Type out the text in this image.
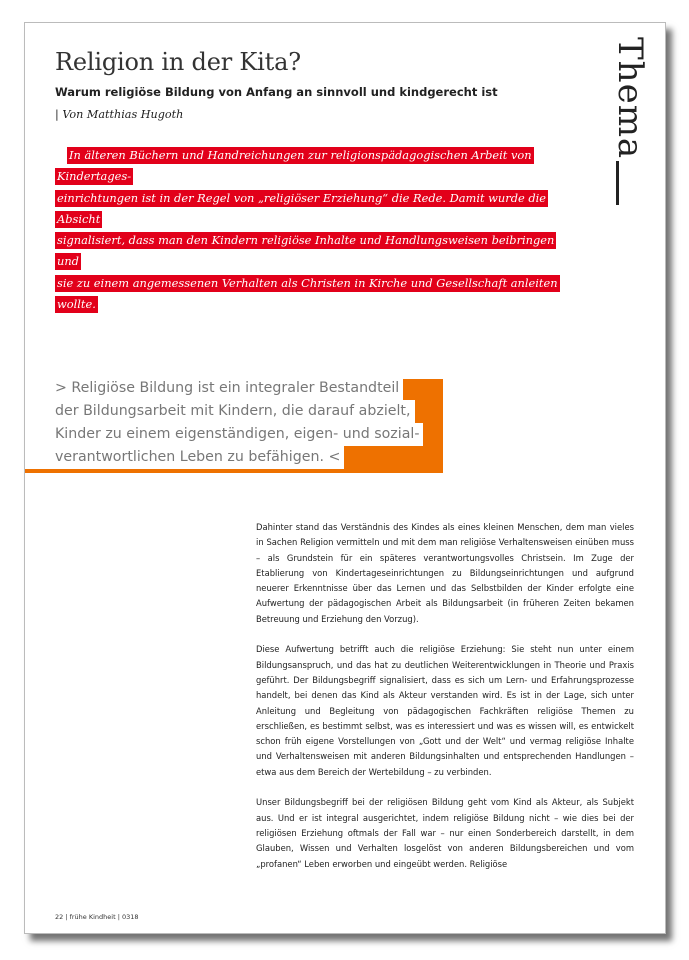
Religion in der Kita?
Warum religiöse Bildung von Anfang an sinnvoll und kindgerecht ist
| Von Matthias Hugoth	Thema
In älteren Büchern und Handreichungen zur religionspädagogischen Arbeit von Kindertages-
einrichtungen ist in der Regel von „religiöser Erziehung“ die Rede. Damit wurde die Absicht
signalisiert, dass man den Kindern religiöse Inhalte und Handlungsweisen beibringen und
sie zu einem angemessenen Verhalten als Christen in Kirche und Gesellschaft anleiten wollte.
> Religiöse Bildung ist ein integraler Bestandteil
der Bildungsarbeit mit Kindern, die darauf abzielt,
Kinder zu einem eigenständigen, eigen- und sozial-
verantwortlichen Leben zu befähigen. <

Dahinter stand das Verständnis des Kindes als eines kleinen Menschen, dem man vieles in Sachen Religion vermitteln und mit dem man religiöse Verhaltensweisen einüben muss – als Grundstein für ein späteres verantwortungsvolles Christsein. Im Zuge der Etablierung von Kindertageseinrichtungen zu Bildungseinrichtungen und aufgrund neuerer Erkenntnisse über das Lernen und das Selbstbilden der Kinder erfolgte eine Aufwertung der pädagogischen Arbeit als Bildungsarbeit (in früheren Zeiten bekamen Betreuung und Erziehung den Vorzug).

Diese Aufwertung betrifft auch die religiöse Erziehung: Sie steht nun unter einem Bildungsanspruch, und das hat zu deutlichen Weiterentwicklungen in Theorie und Praxis geführt. Der Bildungsbegriff signalisiert, dass es sich um Lern- und Erfahrungsprozesse handelt, bei denen das Kind als Akteur verstanden wird. Es ist in der Lage, sich unter Anleitung und Begleitung von pädagogischen Fachkräften religiöse Themen zu erschließen, es bestimmt selbst, was es interessiert und was es wissen will, es entwickelt schon früh eigene Vorstellungen von „Gott und der Welt“ und vermag religiöse Inhalte und Verhaltensweisen mit anderen Bildungsinhalten und entsprechenden Handlungen – etwa aus dem Bereich der Wertebildung – zu verbinden.

Unser Bildungsbegriff bei der religiösen Bildung geht vom Kind als Akteur, als Subjekt aus. Und er ist integral ausgerichtet, indem religiöse Bildung nicht – wie dies bei der religiösen Erziehung oftmals der Fall war – nur einen Sonderbereich darstellt, in dem Glauben, Wissen und Verhalten losgelöst von anderen Bildungsbereichen und vom „profanen“ Leben erworben und eingeübt werden. Religiöse

22 | frühe Kindheit | 0318
